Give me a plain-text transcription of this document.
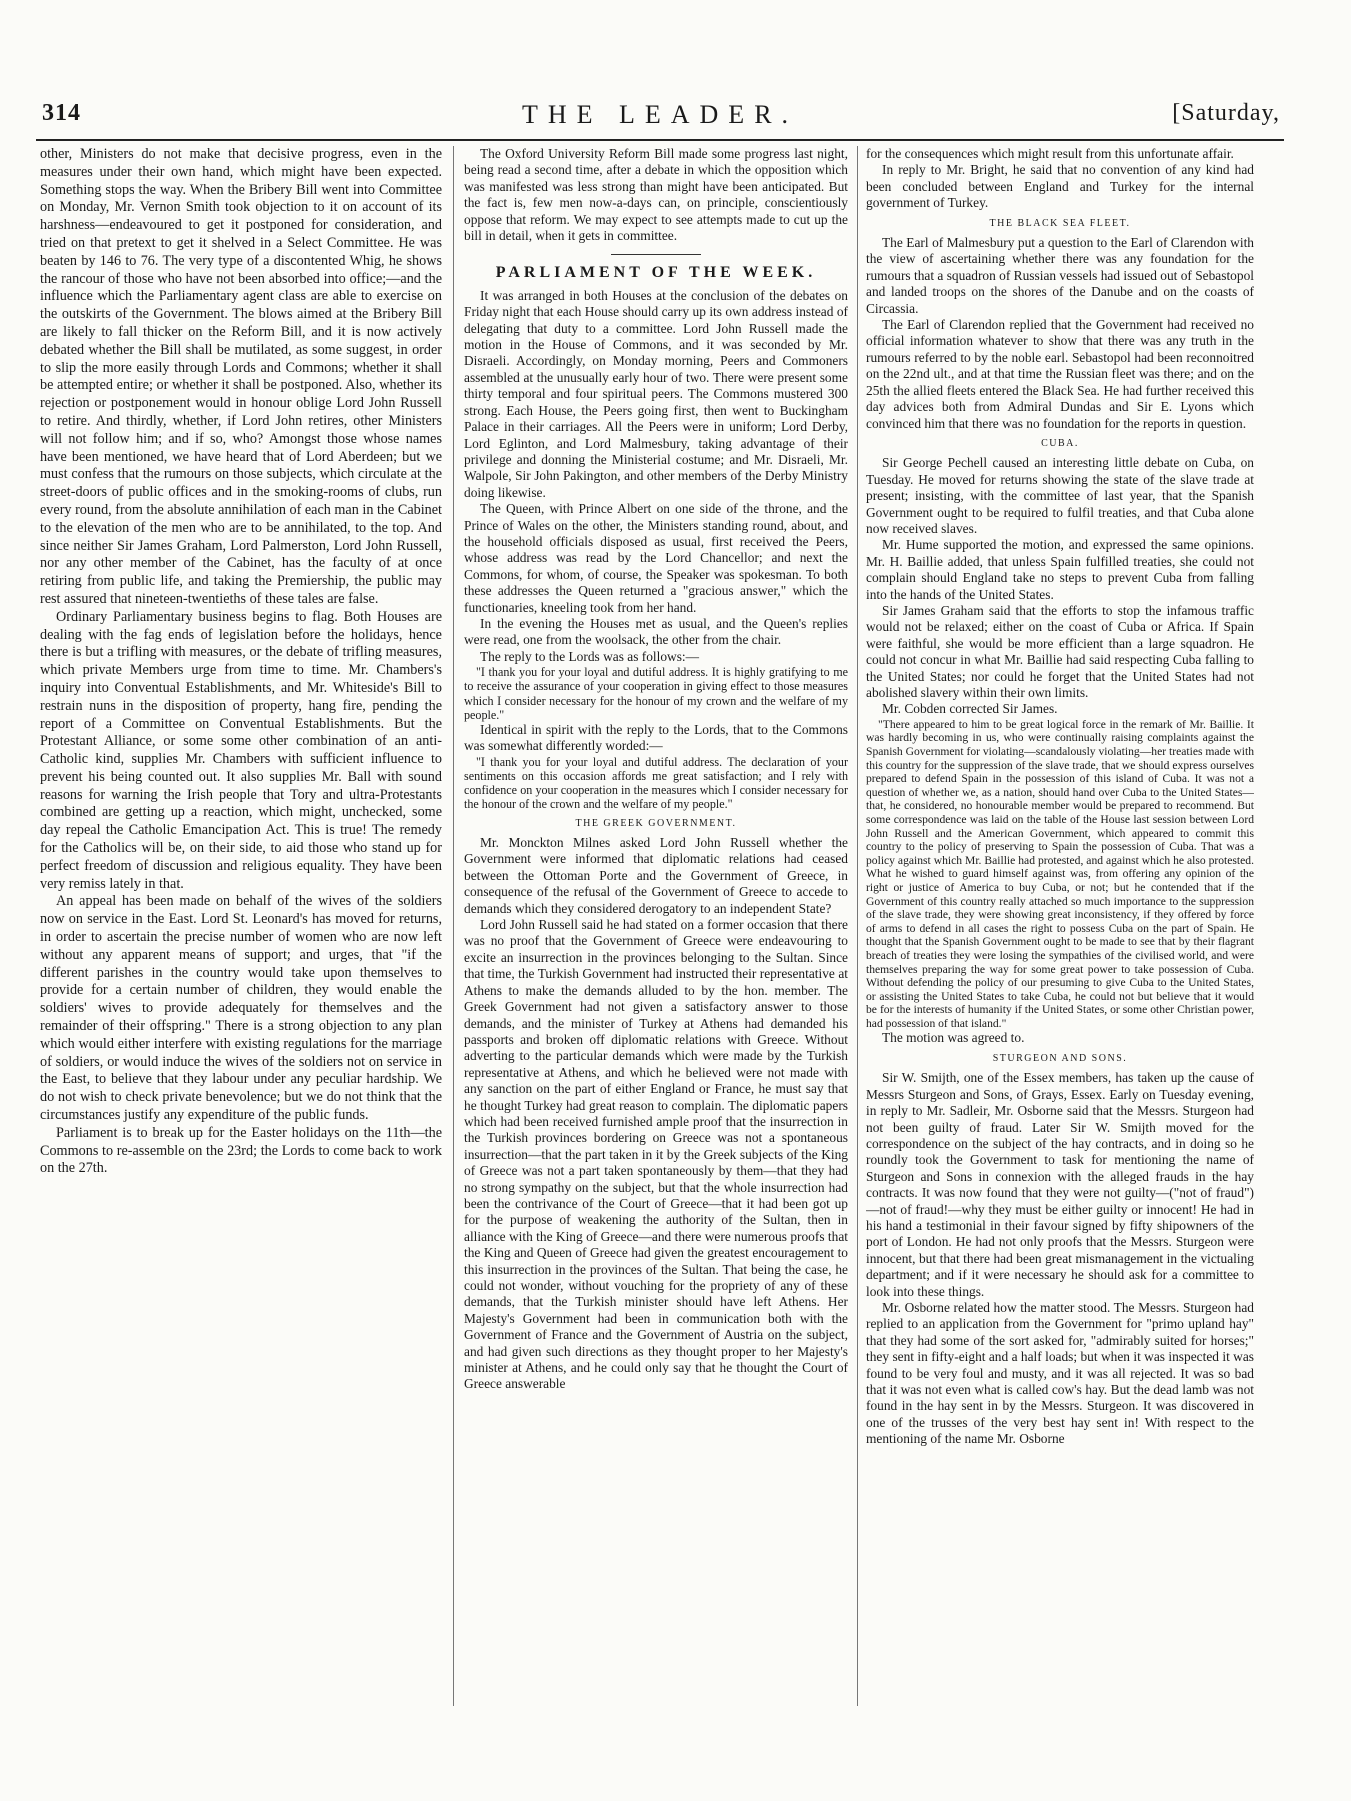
314	THE LEADER.	[Saturday,

other, Ministers do not make that decisive progress, even in the measures under their own hand, which might have been expected. Something stops the way. When the Bribery Bill went into Committee on Monday, Mr. Vernon Smith took objection to it on account of its harshness—endeavoured to get it postponed for consideration, and tried on that pretext to get it shelved in a Select Committee. He was beaten by 146 to 76. The very type of a discontented Whig, he shows the rancour of those who have not been absorbed into office;—and the influence which the Parliamentary agent class are able to exercise on the outskirts of the Government. The blows aimed at the Bribery Bill are likely to fall thicker on the Reform Bill, and it is now actively debated whether the Bill shall be mutilated, as some suggest, in order to slip the more easily through Lords and Commons; whether it shall be attempted entire; or whether it shall be postponed. Also, whether its rejection or postponement would in honour oblige Lord John Russell to retire. And thirdly, whether, if Lord John retires, other Ministers will not follow him; and if so, who? Amongst those whose names have been mentioned, we have heard that of Lord Aberdeen; but we must confess that the rumours on those subjects, which circulate at the street-doors of public offices and in the smoking-rooms of clubs, run every round, from the absolute annihilation of each man in the Cabinet to the elevation of the men who are to be annihilated, to the top. And since neither Sir James Graham, Lord Palmerston, Lord John Russell, nor any other member of the Cabinet, has the faculty of at once retiring from public life, and taking the Premiership, the public may rest assured that nineteen-twentieths of these tales are false.

Ordinary Parliamentary business begins to flag. Both Houses are dealing with the fag ends of legislation before the holidays, hence there is but a trifling with measures, or the debate of trifling measures, which private Members urge from time to time. Mr. Chambers's inquiry into Conventual Establishments, and Mr. Whiteside's Bill to restrain nuns in the disposition of property, hang fire, pending the report of a Committee on Conventual Establishments. But the Protestant Alliance, or some some other combination of an anti-Catholic kind, supplies Mr. Chambers with sufficient influence to prevent his being counted out. It also supplies Mr. Ball with sound reasons for warning the Irish people that Tory and ultra-Protestants combined are getting up a reaction, which might, unchecked, some day repeal the Catholic Emancipation Act. This is true! The remedy for the Catholics will be, on their side, to aid those who stand up for perfect freedom of discussion and religious equality. They have been very remiss lately in that.

An appeal has been made on behalf of the wives of the soldiers now on service in the East. Lord St. Leonard's has moved for returns, in order to ascertain the precise number of women who are now left without any apparent means of support; and urges, that "if the different parishes in the country would take upon themselves to provide for a certain number of children, they would enable the soldiers' wives to provide adequately for themselves and the remainder of their offspring." There is a strong objection to any plan which would either interfere with existing regulations for the marriage of soldiers, or would induce the wives of the soldiers not on service in the East, to believe that they labour under any peculiar hardship. We do not wish to check private benevolence; but we do not think that the circumstances justify any expenditure of the public funds.

Parliament is to break up for the Easter holidays on the 11th—the Commons to re-assemble on the 23rd; the Lords to come back to work on the 27th.

The Oxford University Reform Bill made some progress last night, being read a second time, after a debate in which the opposition which was manifested was less strong than might have been anticipated. But the fact is, few men now-a-days can, on principle, conscientiously oppose that reform. We may expect to see attempts made to cut up the bill in detail, when it gets in committee.

PARLIAMENT OF THE WEEK.

It was arranged in both Houses at the conclusion of the debates on Friday night that each House should carry up its own address instead of delegating that duty to a committee. Lord John Russell made the motion in the House of Commons, and it was seconded by Mr. Disraeli. Accordingly, on Monday morning, Peers and Commoners assembled at the unusually early hour of two. There were present some thirty temporal and four spiritual peers. The Commons mustered 300 strong. Each House, the Peers going first, then went to Buckingham Palace in their carriages. All the Peers were in uniform; Lord Derby, Lord Eglinton, and Lord Malmesbury, taking advantage of their privilege and donning the Ministerial costume; and Mr. Disraeli, Mr. Walpole, Sir John Pakington, and other members of the Derby Ministry doing likewise.

The Queen, with Prince Albert on one side of the throne, and the Prince of Wales on the other, the Ministers standing round, about, and the household officials disposed as usual, first received the Peers, whose address was read by the Lord Chancellor; and next the Commons, for whom, of course, the Speaker was spokesman. To both these addresses the Queen returned a "gracious answer," which the functionaries, kneeling took from her hand.

In the evening the Houses met as usual, and the Queen's replies were read, one from the woolsack, the other from the chair.

The reply to the Lords was as follows:—

"I thank you for your loyal and dutiful address. It is highly gratifying to me to receive the assurance of your cooperation in giving effect to those measures which I consider necessary for the honour of my crown and the welfare of my people."

Identical in spirit with the reply to the Lords, that to the Commons was somewhat differently worded:—

"I thank you for your loyal and dutiful address. The declaration of your sentiments on this occasion affords me great satisfaction; and I rely with confidence on your cooperation in the measures which I consider necessary for the honour of the crown and the welfare of my people."

THE GREEK GOVERNMENT.

Mr. Monckton Milnes asked Lord John Russell whether the Government were informed that diplomatic relations had ceased between the Ottoman Porte and the Government of Greece, in consequence of the refusal of the Government of Greece to accede to demands which they considered derogatory to an independent State?

Lord John Russell said he had stated on a former occasion that there was no proof that the Government of Greece were endeavouring to excite an insurrection in the provinces belonging to the Sultan. Since that time, the Turkish Government had instructed their representative at Athens to make the demands alluded to by the hon. member. The Greek Government had not given a satisfactory answer to those demands, and the minister of Turkey at Athens had demanded his passports and broken off diplomatic relations with Greece. Without adverting to the particular demands which were made by the Turkish representative at Athens, and which he believed were not made with any sanction on the part of either England or France, he must say that he thought Turkey had great reason to complain. The diplomatic papers which had been received furnished ample proof that the insurrection in the Turkish provinces bordering on Greece was not a spontaneous insurrection—that the part taken in it by the Greek subjects of the King of Greece was not a part taken spontaneously by them—that they had no strong sympathy on the subject, but that the whole insurrection had been the contrivance of the Court of Greece—that it had been got up for the purpose of weakening the authority of the Sultan, then in alliance with the King of Greece—and there were numerous proofs that the King and Queen of Greece had given the greatest encouragement to this insurrection in the provinces of the Sultan. That being the case, he could not wonder, without vouching for the propriety of any of these demands, that the Turkish minister should have left Athens. Her Majesty's Government had been in communication both with the Government of France and the Government of Austria on the subject, and had given such directions as they thought proper to her Majesty's minister at Athens, and he could only say that he thought the Court of Greece answerable

for the consequences which might result from this unfortunate affair.

In reply to Mr. Bright, he said that no convention of any kind had been concluded between England and Turkey for the internal government of Turkey.

THE BLACK SEA FLEET.

The Earl of Malmesbury put a question to the Earl of Clarendon with the view of ascertaining whether there was any foundation for the rumours that a squadron of Russian vessels had issued out of Sebastopol and landed troops on the shores of the Danube and on the coasts of Circassia.

The Earl of Clarendon replied that the Government had received no official information whatever to show that there was any truth in the rumours referred to by the noble earl. Sebastopol had been reconnoitred on the 22nd ult., and at that time the Russian fleet was there; and on the 25th the allied fleets entered the Black Sea. He had further received this day advices both from Admiral Dundas and Sir E. Lyons which convinced him that there was no foundation for the reports in question.

CUBA.

Sir George Pechell caused an interesting little debate on Cuba, on Tuesday. He moved for returns showing the state of the slave trade at present; insisting, with the committee of last year, that the Spanish Government ought to be required to fulfil treaties, and that Cuba alone now received slaves.

Mr. Hume supported the motion, and expressed the same opinions. Mr. H. Baillie added, that unless Spain fulfilled treaties, she could not complain should England take no steps to prevent Cuba from falling into the hands of the United States.

Sir James Graham said that the efforts to stop the infamous traffic would not be relaxed; either on the coast of Cuba or Africa. If Spain were faithful, she would be more efficient than a large squadron. He could not concur in what Mr. Baillie had said respecting Cuba falling to the United States; nor could he forget that the United States had not abolished slavery within their own limits.

Mr. Cobden corrected Sir James.

"There appeared to him to be great logical force in the remark of Mr. Baillie. It was hardly becoming in us, who were continually raising complaints against the Spanish Government for violating—scandalously violating—her treaties made with this country for the suppression of the slave trade, that we should express ourselves prepared to defend Spain in the possession of this island of Cuba. It was not a question of whether we, as a nation, should hand over Cuba to the United States—that, he considered, no honourable member would be prepared to recommend. But some correspondence was laid on the table of the House last session between Lord John Russell and the American Government, which appeared to commit this country to the policy of preserving to Spain the possession of Cuba. That was a policy against which Mr. Baillie had protested, and against which he also protested. What he wished to guard himself against was, from offering any opinion of the right or justice of America to buy Cuba, or not; but he contended that if the Government of this country really attached so much importance to the suppression of the slave trade, they were showing great inconsistency, if they offered by force of arms to defend in all cases the right to possess Cuba on the part of Spain. He thought that the Spanish Government ought to be made to see that by their flagrant breach of treaties they were losing the sympathies of the civilised world, and were themselves preparing the way for some great power to take possession of Cuba. Without defending the policy of our presuming to give Cuba to the United States, or assisting the United States to take Cuba, he could not but believe that it would be for the interests of humanity if the United States, or some other Christian power, had possession of that island."

The motion was agreed to.

STURGEON AND SONS.

Sir W. Smijth, one of the Essex members, has taken up the cause of Messrs Sturgeon and Sons, of Grays, Essex. Early on Tuesday evening, in reply to Mr. Sadleir, Mr. Osborne said that the Messrs. Sturgeon had not been guilty of fraud. Later Sir W. Smijth moved for the correspondence on the subject of the hay contracts, and in doing so he roundly took the Government to task for mentioning the name of Sturgeon and Sons in connexion with the alleged frauds in the hay contracts. It was now found that they were not guilty—("not of fraud")—not of fraud!—why they must be either guilty or innocent! He had in his hand a testimonial in their favour signed by fifty shipowners of the port of London. He had not only proofs that the Messrs. Sturgeon were innocent, but that there had been great mismanagement in the victualing department; and if it were necessary he should ask for a committee to look into these things.

Mr. Osborne related how the matter stood. The Messrs. Sturgeon had replied to an application from the Government for "primo upland hay" that they had some of the sort asked for, "admirably suited for horses;" they sent in fifty-eight and a half loads; but when it was inspected it was found to be very foul and musty, and it was all rejected. It was so bad that it was not even what is called cow's hay. But the dead lamb was not found in the hay sent in by the Messrs. Sturgeon. It was discovered in one of the trusses of the very best hay sent in! With respect to the mentioning of the name Mr. Osborne
